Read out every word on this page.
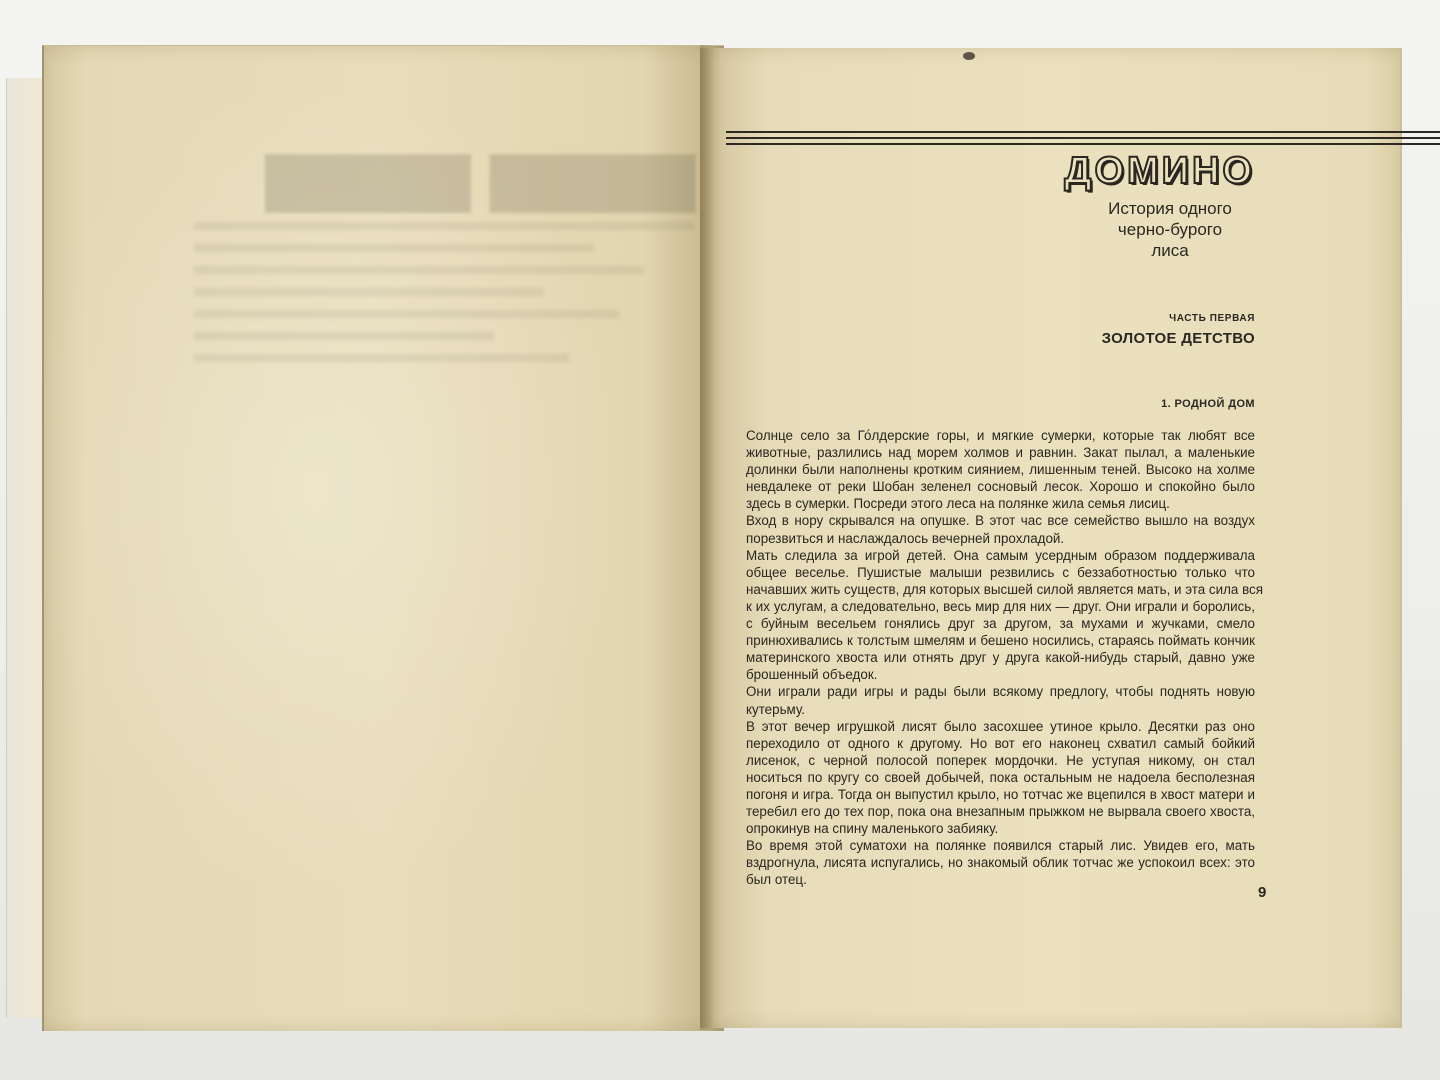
▆▆▆▆ ▆▆▆▆	ДОМИНО
История одного
черно-бурого
лиса
ЧАСТЬ ПЕРВАЯ
ЗОЛОТОЕ ДЕТСТВО
1. РОДНОЙ ДОМ

Солнце село за Го́лдерские горы, и мягкие сумерки, которые так любят все
животные, разлились над морем холмов и равнин. Закат пылал, а маленькие
долинки были наполнены кротким сиянием, лишенным теней. Высоко на холме
невдалеке от реки Шобан зеленел сосновый лесок. Хорошо и спокойно было
здесь в сумерки. Посреди этого леса на полянке жила семья лисиц.

Вход в нору скрывался на опушке. В этот час все семейство вышло на воздух
порезвиться и наслаждалось вечерней прохладой.

Мать следила за игрой детей. Она самым усердным образом поддерживала
общее веселье. Пушистые малыши резвились с беззаботностью только что
начавших жить существ, для которых высшей силой является мать, и эта сила вся
к их услугам, а следовательно, весь мир для них — друг. Они играли и боролись,
с буйным весельем гонялись друг за другом, за мухами и жучками, смело
принюхивались к толстым шмелям и бешено носились, стараясь поймать кончик
материнского хвоста или отнять друг у друга какой-нибудь старый, давно уже
брошенный объедок.

Они играли ради игры и рады были всякому предлогу, чтобы поднять новую
кутерьму.

В этот вечер игрушкой лисят было засохшее утиное крыло. Десятки раз оно
переходило от одного к другому. Но вот его наконец схватил самый бойкий
лисенок, с черной полосой поперек мордочки. Не уступая никому, он стал
носиться по кругу со своей добычей, пока остальным не надоела бесполезная
погоня и игра. Тогда он выпустил крыло, но тотчас же вцепился в хвост матери и
теребил его до тех пор, пока она внезапным прыжком не вырвала своего хвоста,
опрокинув на спину маленького забияку.

Во время этой суматохи на полянке появился старый лис. Увидев его, мать
вздрогнула, лисята испугались, но знакомый облик тотчас же успокоил всех: это
был отец.

9
